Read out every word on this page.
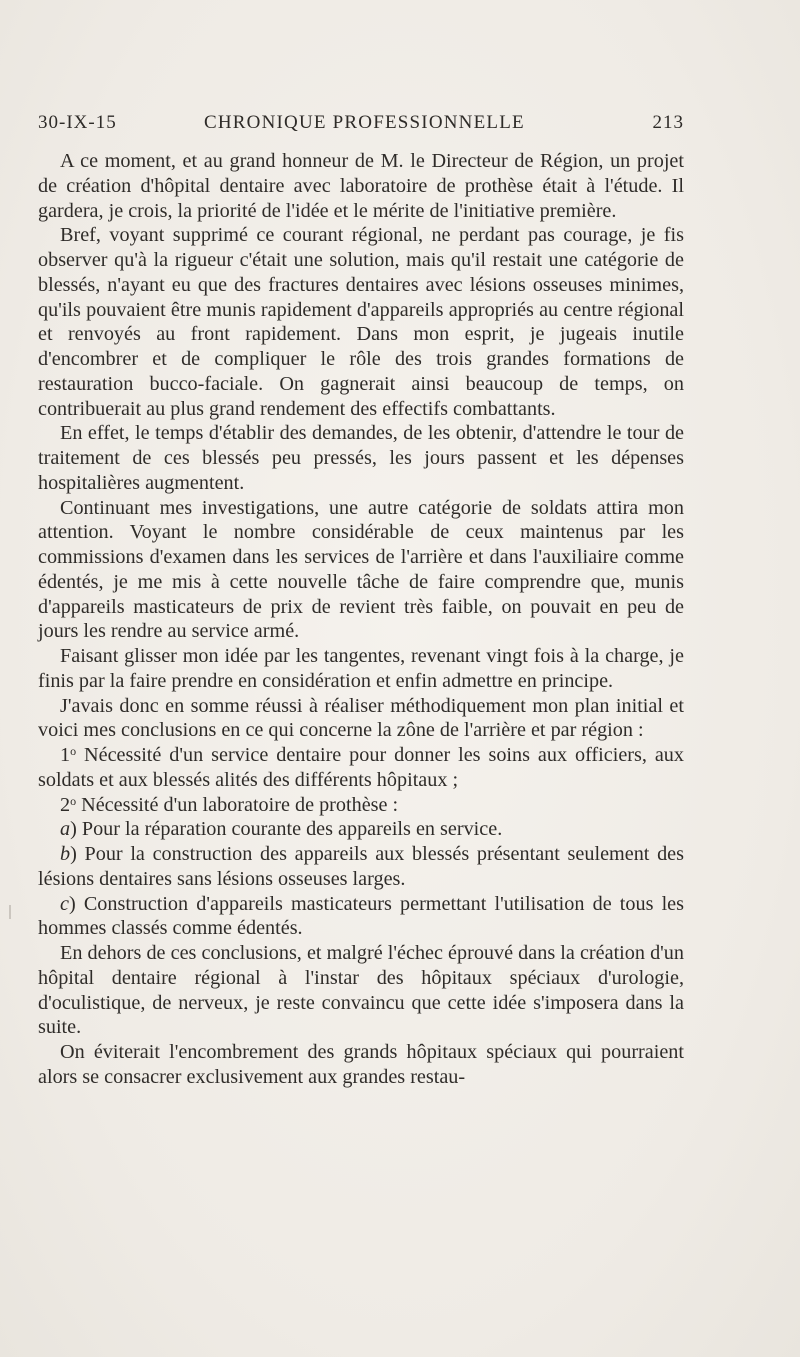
30-IX-15	CHRONIQUE PROFESSIONNELLE	213

A ce moment, et au grand honneur de M. le Directeur de Région, un projet de création d'hôpital dentaire avec laboratoire de prothèse était à l'étude. Il gardera, je crois, la priorité de l'idée et le mérite de l'initiative première.

Bref, voyant supprimé ce courant régional, ne perdant pas courage, je fis observer qu'à la rigueur c'était une solution, mais qu'il restait une catégorie de blessés, n'ayant eu que des fractures dentaires avec lésions osseuses minimes, qu'ils pouvaient être munis rapidement d'appareils appropriés au centre régional et renvoyés au front rapidement. Dans mon esprit, je jugeais inutile d'encombrer et de compliquer le rôle des trois grandes formations de restauration bucco-faciale. On gagnerait ainsi beaucoup de temps, on contribuerait au plus grand rendement des effectifs combattants.

En effet, le temps d'établir des demandes, de les obtenir, d'attendre le tour de traitement de ces blessés peu pressés, les jours passent et les dépenses hospitalières augmentent.

Continuant mes investigations, une autre catégorie de soldats attira mon attention. Voyant le nombre considérable de ceux maintenus par les commissions d'examen dans les services de l'arrière et dans l'auxiliaire comme édentés, je me mis à cette nouvelle tâche de faire comprendre que, munis d'appareils masticateurs de prix de revient très faible, on pouvait en peu de jours les rendre au service armé.

Faisant glisser mon idée par les tangentes, revenant vingt fois à la charge, je finis par la faire prendre en considération et enfin admettre en principe.

J'avais donc en somme réussi à réaliser méthodiquement mon plan initial et voici mes conclusions en ce qui concerne la zône de l'arrière et par région :

1$^o$ Nécessité d'un service dentaire pour donner les soins aux officiers, aux soldats et aux blessés alités des différents hôpitaux ;

2$^o$ Nécessité d'un laboratoire de prothèse :

a) Pour la réparation courante des appareils en service.

b) Pour la construction des appareils aux blessés présentant seulement des lésions dentaires sans lésions osseuses larges.

c) Construction d'appareils masticateurs permettant l'utilisation de tous les hommes classés comme édentés.

En dehors de ces conclusions, et malgré l'échec éprouvé dans la création d'un hôpital dentaire régional à l'instar des hôpitaux spéciaux d'urologie, d'oculistique, de nerveux, je reste convaincu que cette idée s'imposera dans la suite.

On éviterait l'encombrement des grands hôpitaux spéciaux qui pourraient alors se consacrer exclusivement aux grandes restau-
